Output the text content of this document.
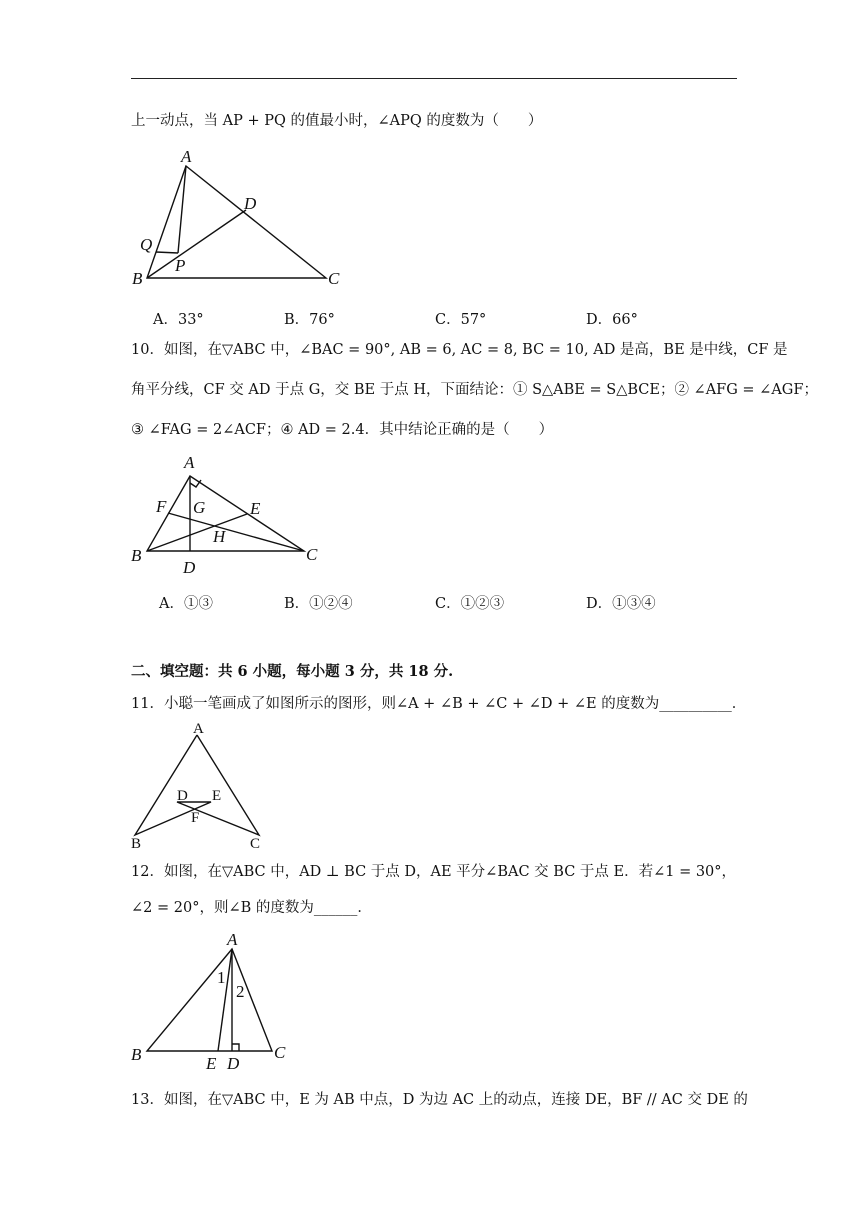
上一动点，当 AP + PQ 的值最小时，∠APQ 的度数为（　　）
A
B	C
D
P
Q
A．33°	B．76°	C．57°	D．66°
10．如图，在▽ABC 中，∠BAC = 90°, AB = 6, AC = 8, BC = 10, AD 是高，BE 是中线，CF 是
角平分线，CF 交 AD 于点 G，交 BE 于点 H，下面结论：① S△ABE = S△BCE；② ∠AFG = ∠AGF；
③ ∠FAG = 2∠ACF；④ AD = 2.4．其中结论正确的是（　　）
A
B	C
D
E
F G
H
A．①③	B．①②④	C．①②③	D．①③④
二、填空题：共 6 小题，每小题 3 分，共 18 分.
11．小聪一笔画成了如图所示的图形，则∠A + ∠B + ∠C + ∠D + ∠E 的度数为__________．
A
B	C
D E
F
12．如图，在▽ABC 中，AD ⊥ BC 于点 D，AE 平分∠BAC 交 BC 于点 E．若∠1 = 30°，
∠2 = 20°，则∠B 的度数为______．
A
B	C
E D
1
2
13．如图，在▽ABC 中，E 为 AB 中点，D 为边 AC 上的动点，连接 DE，BF // AC 交 DE 的
